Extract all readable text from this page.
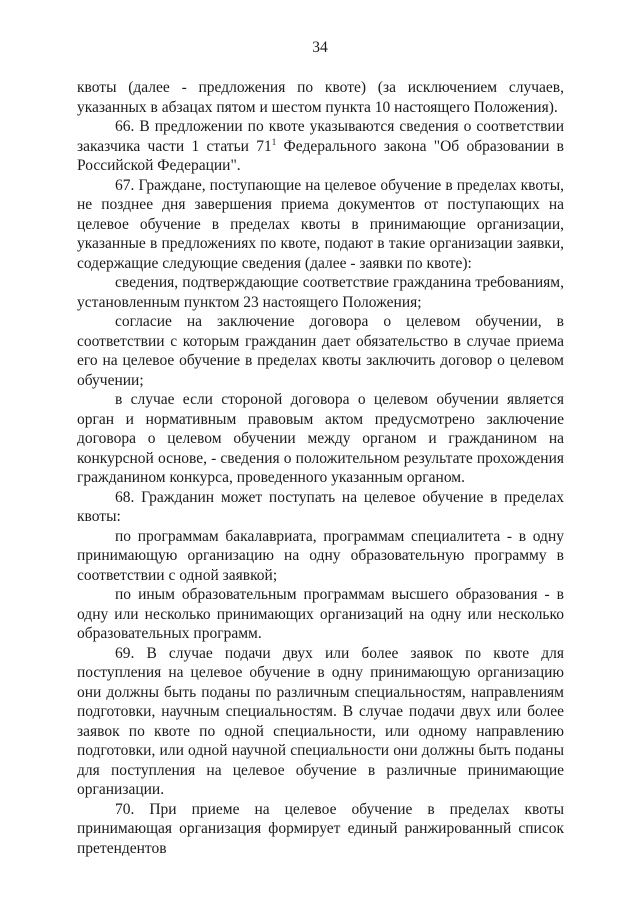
34

квоты (далее - предложения по квоте) (за исключением случаев, указанных в абзацах пятом и шестом пункта 10 настоящего Положения).

66. В предложении по квоте указываются сведения о соответствии заказчика части 1 статьи $71^1$ Федерального закона "Об образовании в Российской Федерации".

67. Граждане, поступающие на целевое обучение в пределах квоты, не позднее дня завершения приема документов от поступающих на целевое обучение в пределах квоты в принимающие организации, указанные в предложениях по квоте, подают в такие организации заявки, содержащие следующие сведения (далее - заявки по квоте):

сведения, подтверждающие соответствие гражданина требованиям, установленным пунктом 23 настоящего Положения;

согласие на заключение договора о целевом обучении, в соответствии с которым гражданин дает обязательство в случае приема его на целевое обучение в пределах квоты заключить договор о целевом обучении;

в случае если стороной договора о целевом обучении является орган и нормативным правовым актом предусмотрено заключение договора о целевом обучении между органом и гражданином на конкурсной основе, - сведения о положительном результате прохождения гражданином конкурса, проведенного указанным органом.

68. Гражданин может поступать на целевое обучение в пределах квоты:

по программам бакалавриата, программам специалитета - в одну принимающую организацию на одну образовательную программу в соответствии с одной заявкой;

по иным образовательным программам высшего образования - в одну или несколько принимающих организаций на одну или несколько образовательных программ.

69. В случае подачи двух или более заявок по квоте для поступления на целевое обучение в одну принимающую организацию они должны быть поданы по различным специальностям, направлениям подготовки, научным специальностям. В случае подачи двух или более заявок по квоте по одной специальности, или одному направлению подготовки, или одной научной специальности они должны быть поданы для поступления на целевое обучение в различные принимающие организации.

70. При приеме на целевое обучение в пределах квоты принимающая организация формирует единый ранжированный список претендентов
